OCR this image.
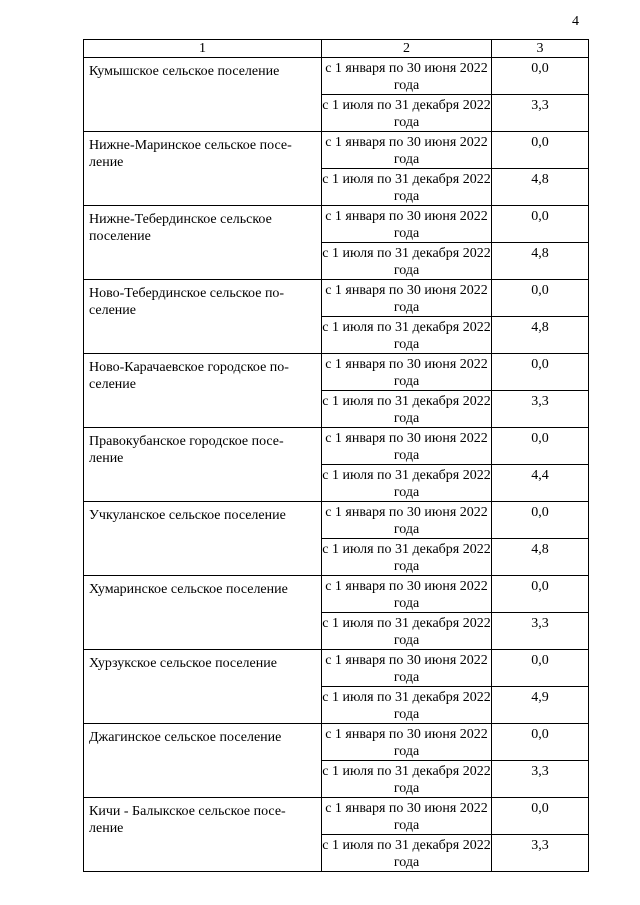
4
1	2	3
Кумышское сельское поселение	с 1 января по 30 июня 2022 года	0,0
	с 1 июля по 31 декабря 2022 года	3,3
Нижне-Маринское сельское посе-ление	с 1 января по 30 июня 2022 года	0,0
	с 1 июля по 31 декабря 2022 года	4,8
Нижне-Тебердинское сельское поселение	с 1 января по 30 июня 2022 года	0,0
	с 1 июля по 31 декабря 2022 года	4,8
Ново-Тебердинское сельское по-селение	с 1 января по 30 июня 2022 года	0,0
	с 1 июля по 31 декабря 2022 года	4,8
Ново-Карачаевское городское по-селение	с 1 января по 30 июня 2022 года	0,0
	с 1 июля по 31 декабря 2022 года	3,3
Правокубанское городское посе-ление	с 1 января по 30 июня 2022 года	0,0
	с 1 июля по 31 декабря 2022 года	4,4
Учкуланское сельское поселение	с 1 января по 30 июня 2022 года	0,0
	с 1 июля по 31 декабря 2022 года	4,8
Хумаринское сельское поселение	с 1 января по 30 июня 2022 года	0,0
	с 1 июля по 31 декабря 2022 года	3,3
Хурзукское сельское поселение	с 1 января по 30 июня 2022 года	0,0
	с 1 июля по 31 декабря 2022 года	4,9
Джагинское сельское поселение	с 1 января по 30 июня 2022 года	0,0
	с 1 июля по 31 декабря 2022 года	3,3
Кичи - Балыкское сельское посе-ление	с 1 января по 30 июня 2022 года	0,0
	с 1 июля по 31 декабря 2022 года	3,3
